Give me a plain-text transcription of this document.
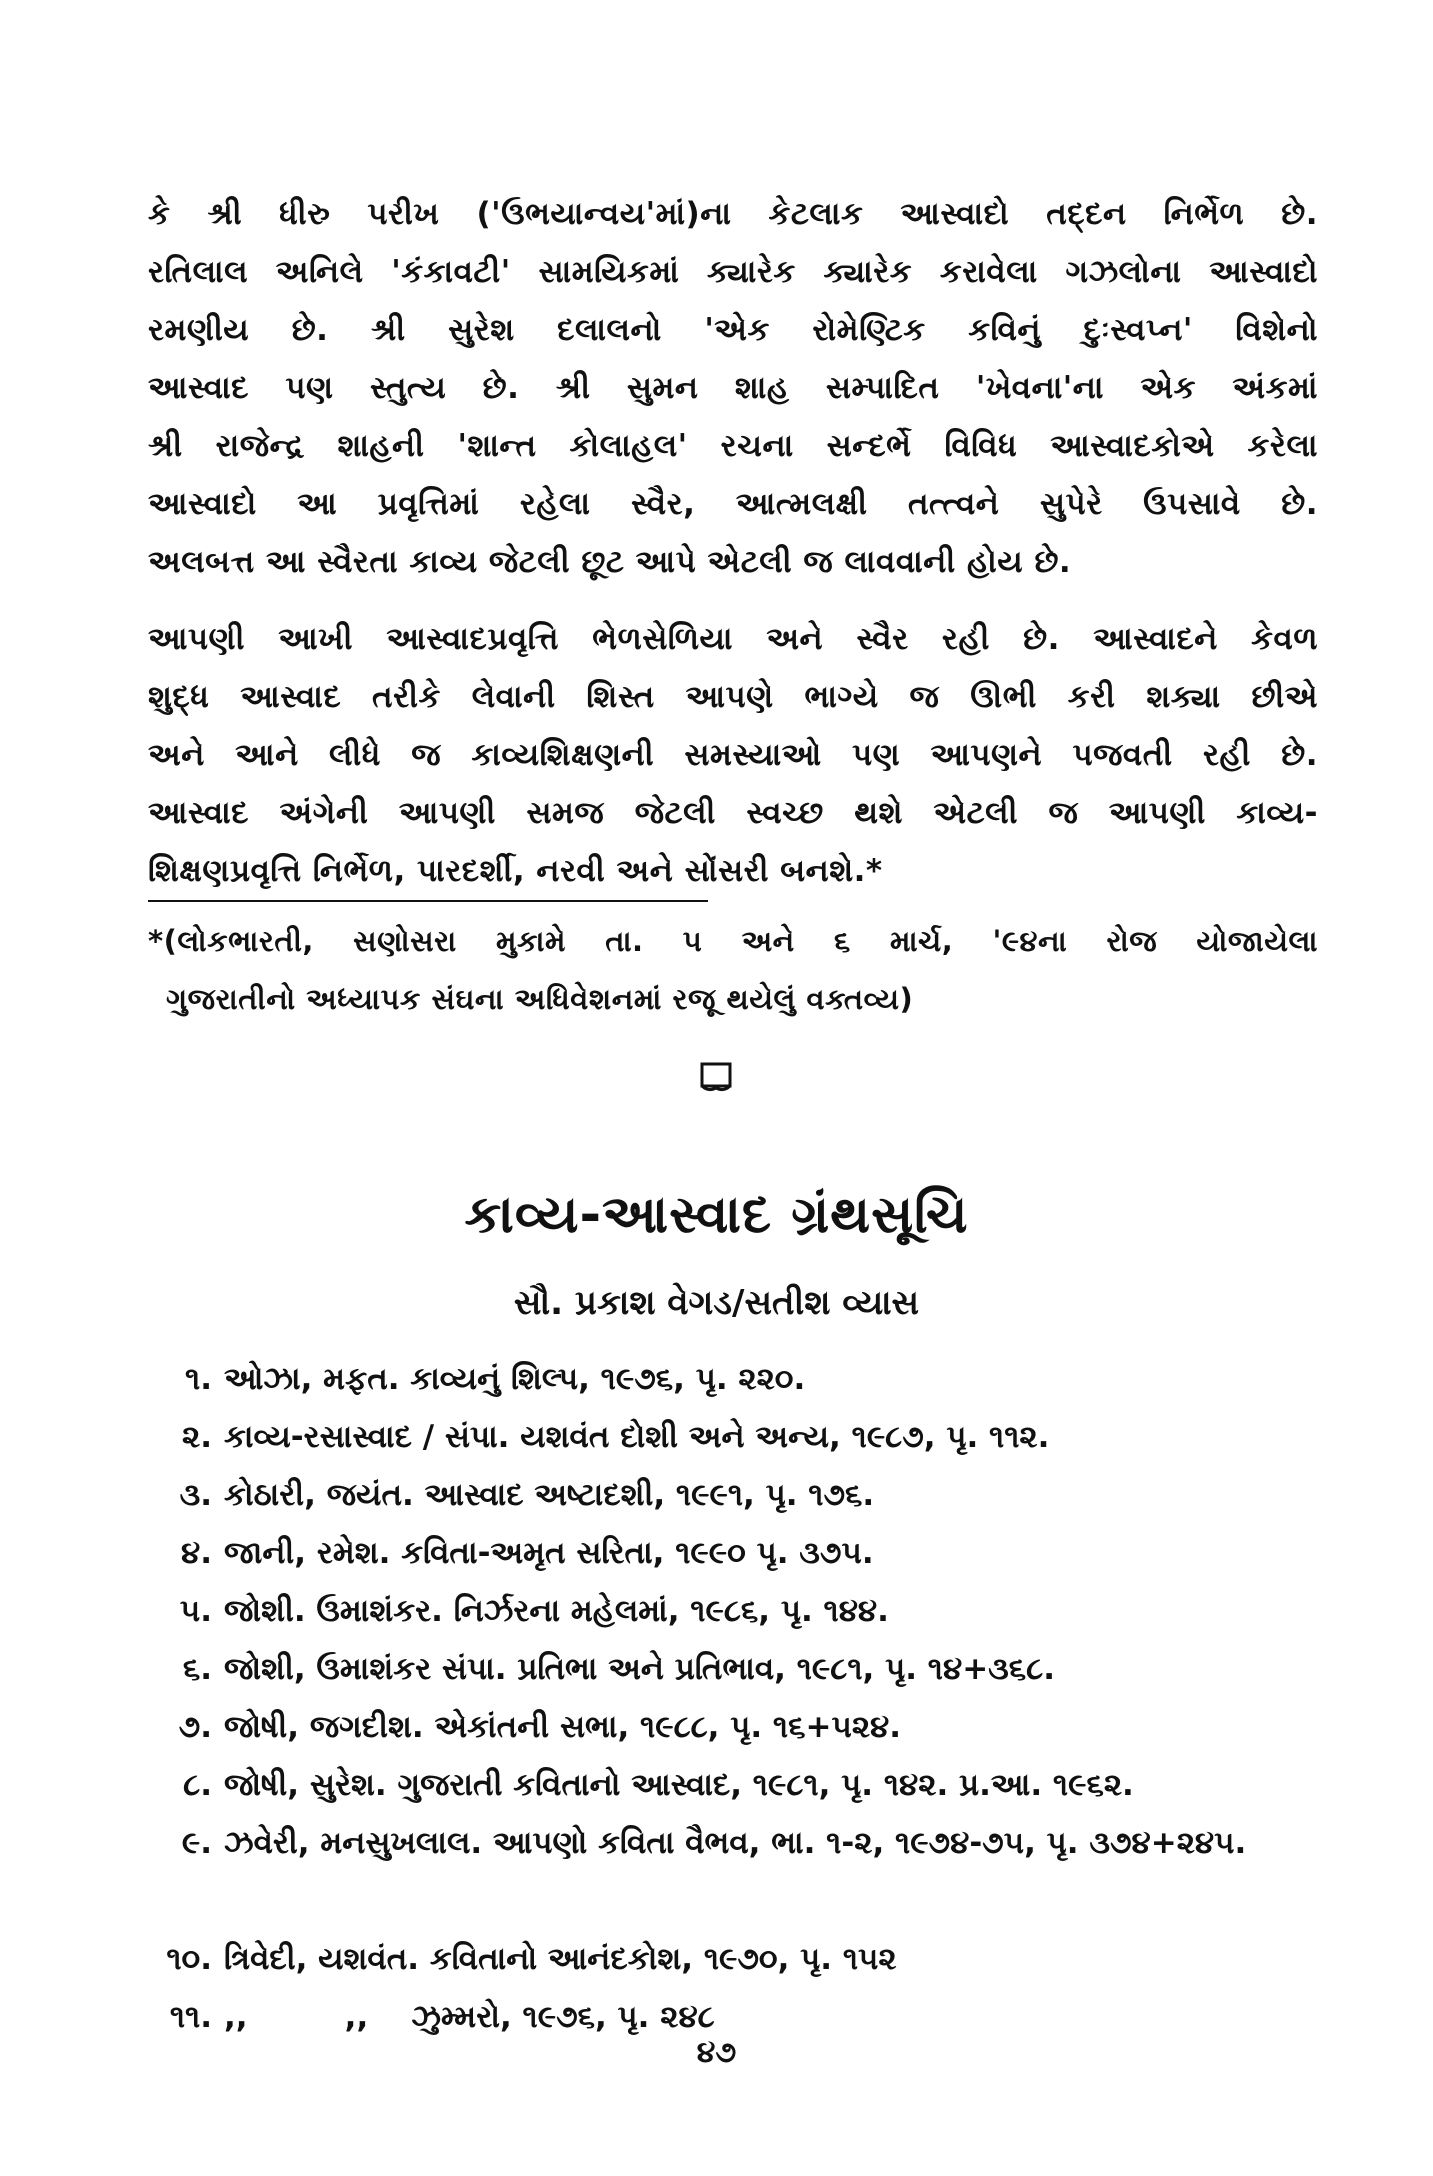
કે શ્રી ધીરુ પરીખ ('ઉભયાન્વય'માં)ના કેટલાક આસ્વાદો તદ્દન નિર્ભેળ છે.
રતિલાલ અનિલે 'કંકાવટી' સામયિકમાં ક્યારેક ક્યારેક કરાવેલા ગઝલોના આસ્વાદો
રમણીય છે. શ્રી સુરેશ દલાલનો 'એક રોમેણ્ટિક કવિનું દુઃસ્વપ્ન' વિશેનો
આસ્વાદ પણ સ્તુત્ય છે. શ્રી સુમન શાહ સમ્પાદિત 'ખેવના'ના એક અંકમાં
શ્રી રાજેન્દ્ર શાહની 'શાન્ત કોલાહલ' રચના સન્દર્ભે વિવિધ આસ્વાદકોએ કરેલા
આસ્વાદો આ પ્રવૃત્તિમાં રહેલા સ્વૈર, આત્મલક્ષી તત્ત્વને સુપેરે ઉપસાવે છે.
અલબત્ત આ સ્વૈરતા કાવ્ય જેટલી છૂટ આપે એટલી જ લાવવાની હોય છે.
આપણી આખી આસ્વાદપ્રવૃત્તિ ભેળસેળિયા અને સ્વૈર રહી છે. આસ્વાદને કેવળ
શુદ્ધ આસ્વાદ તરીકે લેવાની શિસ્ત આપણે ભાગ્યે જ ઊભી કરી શક્યા છીએ
અને આને લીધે જ કાવ્યશિક્ષણની સમસ્યાઓ પણ આપણને પજવતી રહી છે.
આસ્વાદ અંગેની આપણી સમજ જેટલી સ્વચ્છ થશે એટલી જ આપણી કાવ્ય-
શિક્ષણપ્રવૃત્તિ નિર્ભેળ, પારદર્શી, નરવી અને સોંસરી બનશે.*
*(લોકભારતી, સણોસરા મુકામે તા. ૫ અને ૬ માર્ચ, '૯૪ના રોજ યોજાયેલા
ગુજરાતીનો અધ્યાપક સંઘના અધિવેશનમાં રજૂ થયેલું વક્તવ્ય)
કાવ્ય-આસ્વાદ ગ્રંથસૂચિ
સૌ. પ્રકાશ વેગડ/સતીશ વ્યાસ
૧. ઓઝા, મફત. કાવ્યનું શિલ્પ, ૧૯૭૬, પૃ. ૨૨૦.
૨. કાવ્ય-રસાસ્વાદ / સંપા. યશવંત દોશી અને અન્ય, ૧૯૮૭, પૃ. ૧૧૨.
૩. કોઠારી, જયંત. આસ્વાદ અષ્ટાદશી, ૧૯૯૧, પૃ. ૧૭૬.
૪. જાની, રમેશ. કવિતા-અમૃત સરિતા, ૧૯૯૦ પૃ. ૩૭૫.
૫. જોશી. ઉમાશંકર. નિર્ઝરના મહેલમાં, ૧૯૮૬, પૃ. ૧૪૪.
૬. જોશી, ઉમાશંકર સંપા. પ્રતિભા અને પ્રતિભાવ, ૧૯૮૧, પૃ. ૧૪+૩૬૮.
૭. જોષી, જગદીશ. એકાંતની સભા, ૧૯૮૮, પૃ. ૧૬+૫૨૪.
૮. જોષી, સુરેશ. ગુજરાતી કવિતાનો આસ્વાદ, ૧૯૮૧, પૃ. ૧૪૨. પ્ર.આ. ૧૯૬૨.
૯. ઝવેરી, મનસુખલાલ. આપણો કવિતા વૈભવ, ભા. ૧-૨, ૧૯૭૪-૭૫, પૃ. ૩૭૪+૨૪૫.
૧૦. ત્રિવેદી, યશવંત. કવિતાનો આનંદકોશ, ૧૯૭૦, પૃ. ૧૫૨
૧૧. ,,         ,,    ઝુમ્મરો, ૧૯૭૬, પૃ. ૨૪૮
૪૭
